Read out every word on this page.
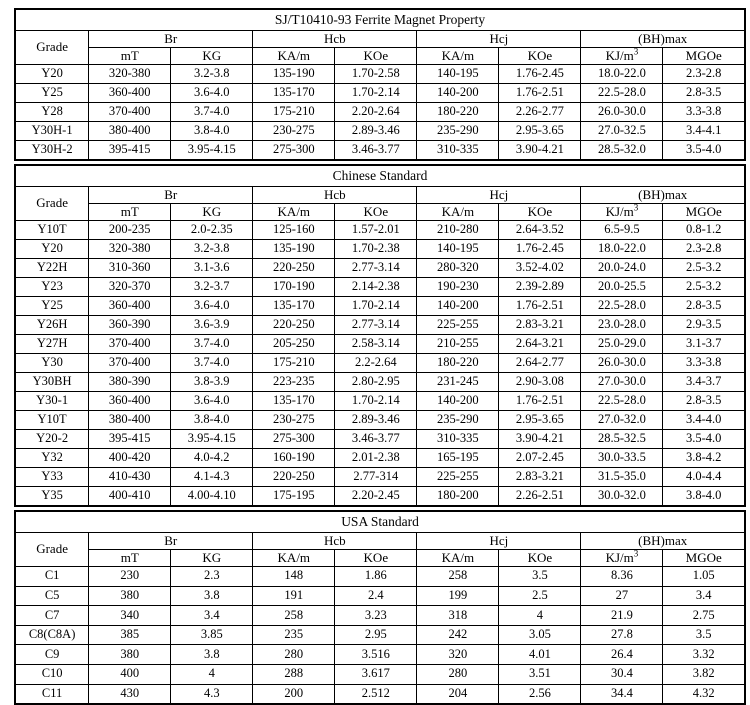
SJ/T10410-93 Ferrite Magnet Property								
Grade	Br		Hcb		Hcj		(BH)max	
	mT	KG	KA/m	KOe	KA/m	KOe	$KJ/m^3$	MGOe
Y20	320-380	3.2-3.8	135-190	1.70-2.58	140-195	1.76-2.45	18.0-22.0	2.3-2.8
Y25	360-400	3.6-4.0	135-170	1.70-2.14	140-200	1.76-2.51	22.5-28.0	2.8-3.5
Y28	370-400	3.7-4.0	175-210	2.20-2.64	180-220	2.26-2.77	26.0-30.0	3.3-3.8
Y30H-1	380-400	3.8-4.0	230-275	2.89-3.46	235-290	2.95-3.65	27.0-32.5	3.4-4.1
Y30H-2	395-415	3.95-4.15	275-300	3.46-3.77	310-335	3.90-4.21	28.5-32.0	3.5-4.0
Chinese Standard								
Grade	Br		Hcb		Hcj		(BH)max	
	mT	KG	KA/m	KOe	KA/m	KOe	$KJ/m^3$	MGOe
Y10T	200-235	2.0-2.35	125-160	1.57-2.01	210-280	2.64-3.52	6.5-9.5	0.8-1.2
Y20	320-380	3.2-3.8	135-190	1.70-2.38	140-195	1.76-2.45	18.0-22.0	2.3-2.8
Y22H	310-360	3.1-3.6	220-250	2.77-3.14	280-320	3.52-4.02	20.0-24.0	2.5-3.2
Y23	320-370	3.2-3.7	170-190	2.14-2.38	190-230	2.39-2.89	20.0-25.5	2.5-3.2
Y25	360-400	3.6-4.0	135-170	1.70-2.14	140-200	1.76-2.51	22.5-28.0	2.8-3.5
Y26H	360-390	3.6-3.9	220-250	2.77-3.14	225-255	2.83-3.21	23.0-28.0	2.9-3.5
Y27H	370-400	3.7-4.0	205-250	2.58-3.14	210-255	2.64-3.21	25.0-29.0	3.1-3.7
Y30	370-400	3.7-4.0	175-210	2.2-2.64	180-220	2.64-2.77	26.0-30.0	3.3-3.8
Y30BH	380-390	3.8-3.9	223-235	2.80-2.95	231-245	2.90-3.08	27.0-30.0	3.4-3.7
Y30-1	360-400	3.6-4.0	135-170	1.70-2.14	140-200	1.76-2.51	22.5-28.0	2.8-3.5
Y10T	380-400	3.8-4.0	230-275	2.89-3.46	235-290	2.95-3.65	27.0-32.0	3.4-4.0
Y20-2	395-415	3.95-4.15	275-300	3.46-3.77	310-335	3.90-4.21	28.5-32.5	3.5-4.0
Y32	400-420	4.0-4.2	160-190	2.01-2.38	165-195	2.07-2.45	30.0-33.5	3.8-4.2
Y33	410-430	4.1-4.3	220-250	2.77-314	225-255	2.83-3.21	31.5-35.0	4.0-4.4
Y35	400-410	4.00-4.10	175-195	2.20-2.45	180-200	2.26-2.51	30.0-32.0	3.8-4.0
USA Standard								
Grade	Br		Hcb		Hcj		(BH)max	
	mT	KG	KA/m	KOe	KA/m	KOe	$KJ/m^3$	MGOe
C1	230	2.3	148	1.86	258	3.5	8.36	1.05
C5	380	3.8	191	2.4	199	2.5	27	3.4
C7	340	3.4	258	3.23	318	4	21.9	2.75
C8(C8A)	385	3.85	235	2.95	242	3.05	27.8	3.5
C9	380	3.8	280	3.516	320	4.01	26.4	3.32
C10	400	4	288	3.617	280	3.51	30.4	3.82
C11	430	4.3	200	2.512	204	2.56	34.4	4.32
